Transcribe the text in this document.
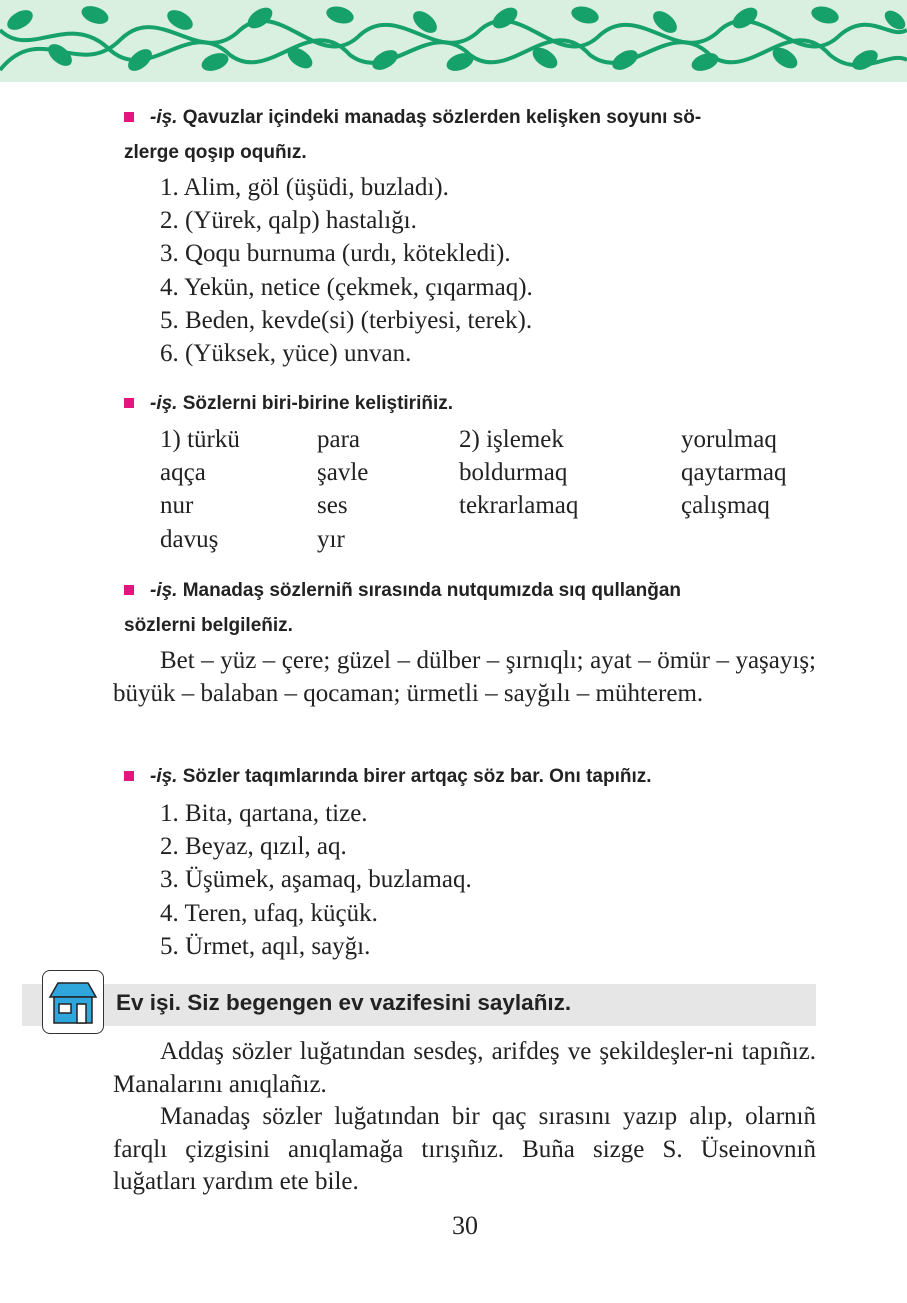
-iş. Qavuzlar içindeki manadaş sözlerden kelişken soyunı sö-
zlerge qoşıp oquñız.
1. Alim, göl (üşüdi, buzladı).
2. (Yürek, qalp) hastalığı.
3. Qoqu burnuma (urdı, kötekledi).
4. Yekün, netice (çekmek, çıqarmaq).
5. Beden, kevde(si) (terbiyesi, terek).
6. (Yüksek, yüce) unvan.
-iş. Sözlerni biri-birine keliştiriñiz.
1) türkü	para	2) işlemek	yorulmaq
aqça	şavle	boldurmaq	qaytarmaq
nur	ses	tekrarlamaq	çalışmaq
davuş	yır
-iş. Manadaş sözlerniñ sırasında nutqumızda sıq qullanğan
sözlerni belgileñiz.

Bet – yüz – çere; güzel – dülber – şırnıqlı; ayat – ömür – yaşayış; büyük – balaban – qocaman; ürmetli – sayğılı – mühterem.

-iş. Sözler taqımlarında birer artqaç söz bar. Onı tapıñız.
1. Bita, qartana, tize.
2. Beyaz, qızıl, aq.
3. Üşümek, aşamaq, buzlamaq.
4. Teren, ufaq, küçük.
5. Ürmet, aqıl, sayğı.
Ev işi. Siz begengen ev vazifesini saylañız.

Addaş sözler luğatından sesdeş, arifdeş ve şekildeşler-ni tapıñız. Manalarını anıqlañız.

Manadaş sözler luğatından bir qaç sırasını yazıp alıp, olarnıñ farqlı çizgisini anıqlamağa tırışıñız. Buña sizge S. Üseinovnıñ luğatları yardım ete bile.

30
